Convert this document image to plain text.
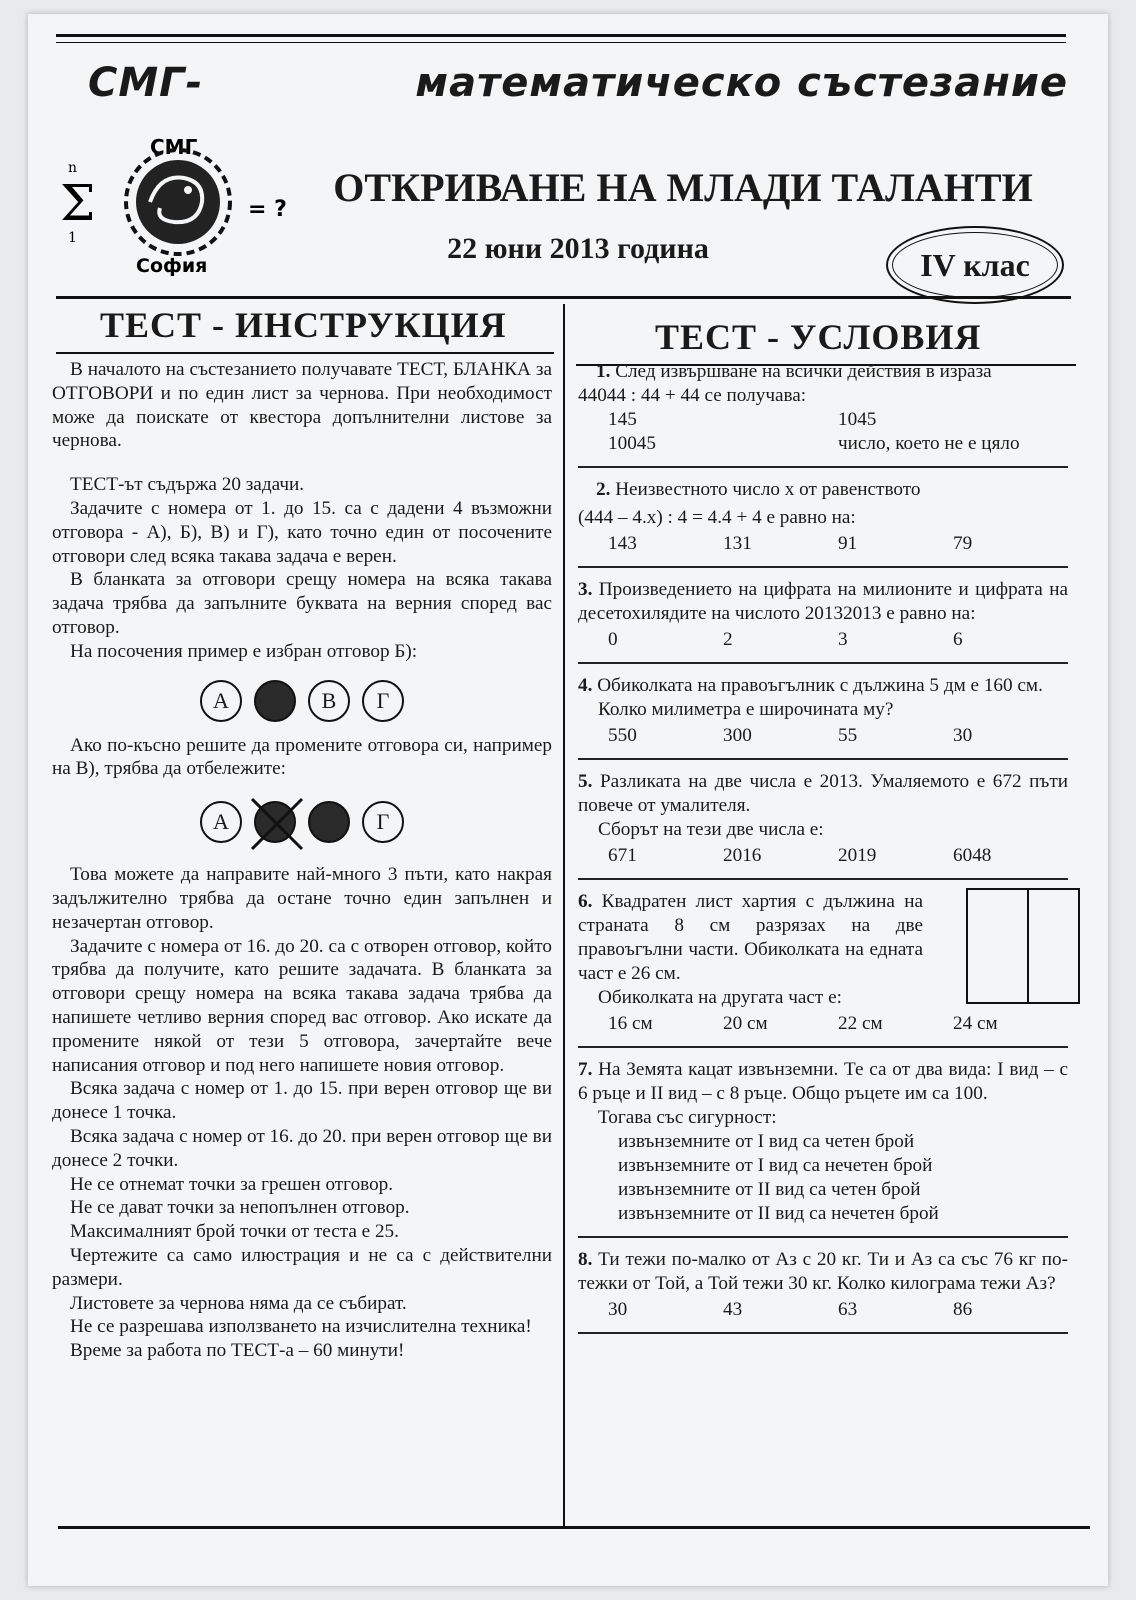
СМГ -	математическо състезание
СМГ
n
Σ
1
= ?
София
ОТКРИВАНЕ НА МЛАДИ ТАЛАНТИ
22 юни 2013 година	IV клас
ТЕСТ - ИНСТРУКЦИЯ	ТЕСТ - УСЛОВИЯ

В началото на състезанието получавате ТЕСТ, БЛАНКА за ОТГОВОРИ и по един лист за чернова. При необходимост може да поискате от квестора допълнителни листове за чернова.

ТЕСТ-ът съдържа 20 задачи.

Задачите с номера от 1. до 15. са с дадени 4 възможни отговора - А), Б), В) и Г), като точно един от посочените отговори след всяка такава задача е верен.

В бланката за отговори срещу номера на всяка такава задача трябва да запълните буквата на верния според вас отговор.

На посочения пример е избран отговор Б):

А	В	Г

Ако по-късно решите да промените отговора си, например на В), трябва да отбележите:

А	Г

Това можете да направите най-много 3 пъти, като накрая задължително трябва да остане точно един запълнен и незачертан отговор.

Задачите с номера от 16. до 20. са с отворен отговор, който трябва да получите, като решите задачата. В бланката за отговори срещу номера на всяка такава задача трябва да напишете четливо верния според вас отговор. Ако искате да промените някой от тези 5 отговора, зачертайте вече написания отговор и под него напишете новия отговор.

Всяка задача с номер от 1. до 15. при верен отговор ще ви донесе 1 точка.

Всяка задача с номер от 16. до 20. при верен отговор ще ви донесе 2 точки.

Не се отнемат точки за грешен отговор.

Не се дават точки за непопълнен отговор.

Максималният брой точки от теста е 25.

Чертежите са само илюстрация и не са с действителни размери.

Листовете за чернова няма да се събират.

Не се разрешава използването на изчислителна техника!

Време за работа по ТЕСТ-а – 60 минути!

1. След извършване на всички действия в израза
44044 : 44 + 44 се получава:
145	1045
10045	число, което не е цяло
2. Неизвестното число x от равенството
(444 – 4.x) : 4 = 4.4 + 4 е равно на:
143	131	91	79
3. Произведението на цифрата на милионите и цифрата на десетохилядите на числото 20132013 е равно на:
0	2	3	6
4. Обиколката на правоъгълник с дължина 5 дм е 160 см.
Колко милиметра е широчината му?
550	300	55	30
5. Разликата на две числа е 2013. Умаляемото е 672 пъти повече от умалителя.
Сборът на тези две числа е:
671	2016	2019	6048
6. Квадратен лист хартия с дължина на страната 8 см разрязах на две правоъгълни части. Обиколката на едната част е 26 см.
Обиколката на другата част е:
16 см	20 см	22 см	24 см
7. На Земята кацат извънземни. Те са от два вида: I вид – с 6 ръце и II вид – с 8 ръце. Общо ръцете им са 100.
Тогава със сигурност:
извънземните от I вид са четен брой
извънземните от I вид са нечетен брой
извънземните от II вид са четен брой
извънземните от II вид са нечетен брой
8. Ти тежи по-малко от Аз с 20 кг. Ти и Аз са със 76 кг по-тежки от Той, а Той тежи 30 кг. Колко килограма тежи Аз?
30	43	63	86
